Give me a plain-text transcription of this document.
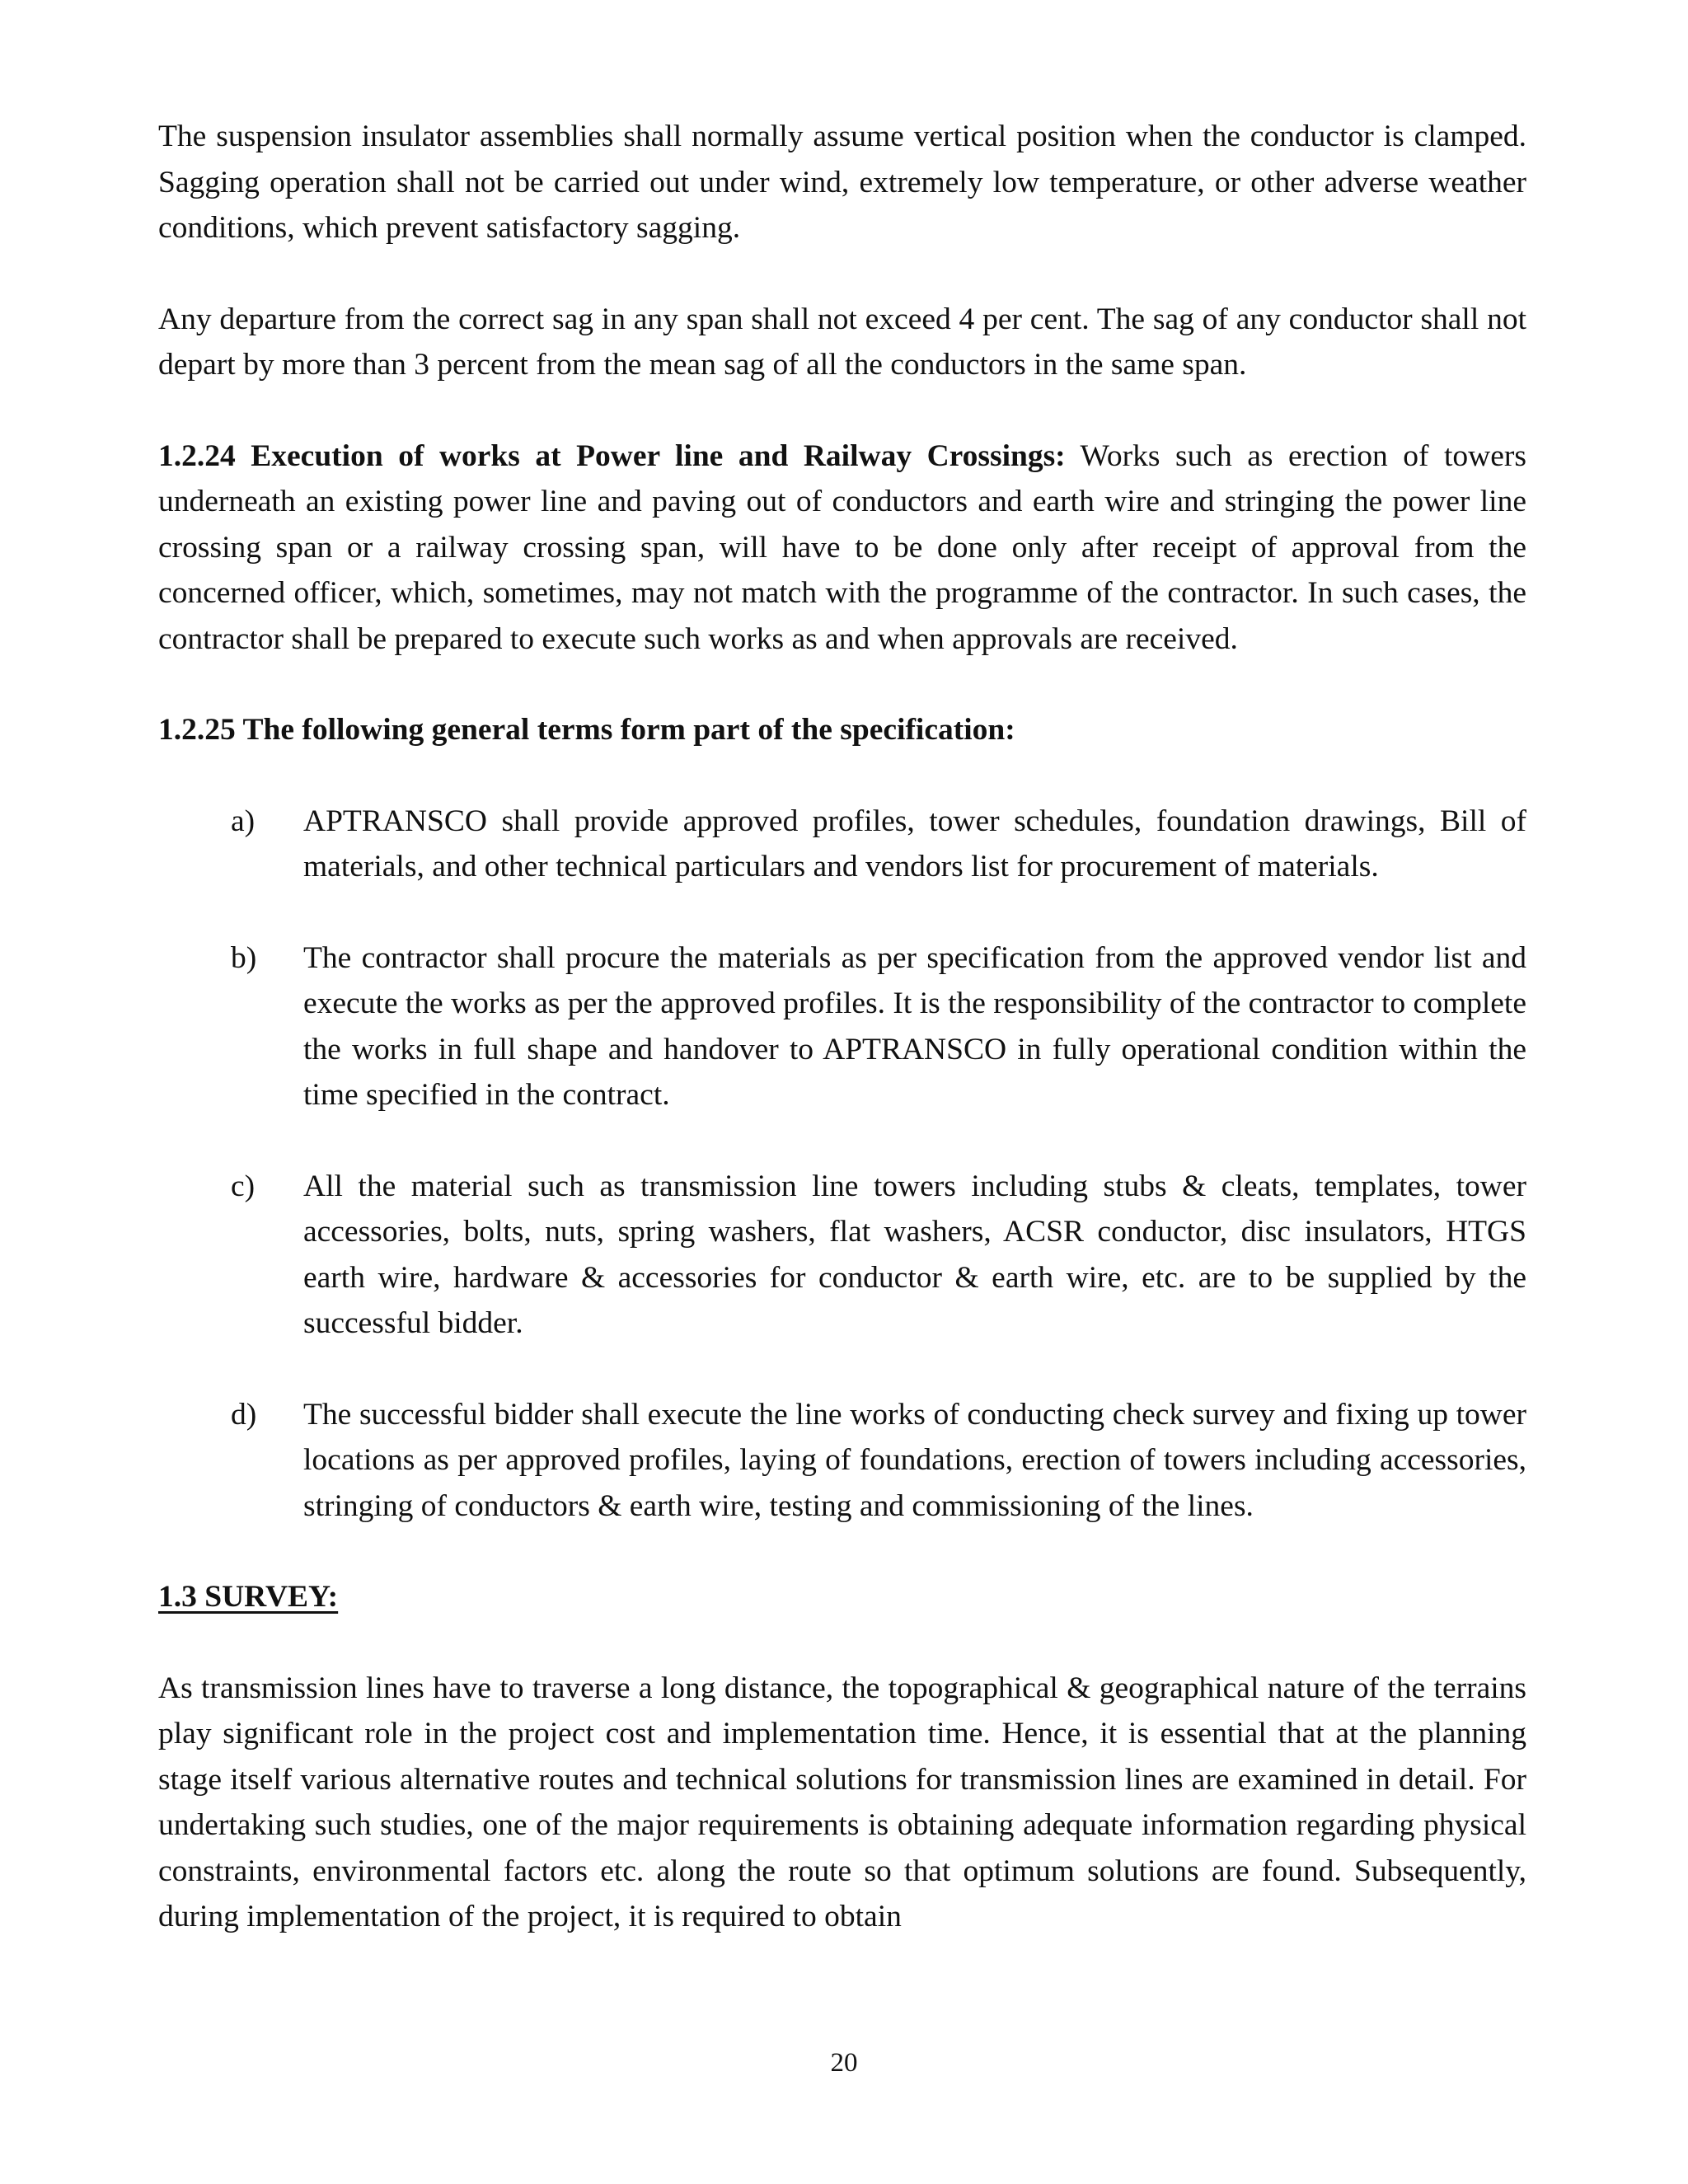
The suspension insulator assemblies shall normally assume vertical position when the conductor is clamped. Sagging operation shall not be carried out under wind, extremely low temperature, or other adverse weather conditions, which prevent satisfactory sagging.

Any departure from the correct sag in any span shall not exceed 4 per cent. The sag of any conductor shall not depart by more than 3 percent from the mean sag of all the conductors in the same span.

1.2.24 Execution of works at Power line and Railway Crossings: Works such as erection of towers underneath an existing power line and paving out of conductors and earth wire and stringing the power line crossing span or a railway crossing span, will have to be done only after receipt of approval from the concerned officer, which, sometimes, may not match with the programme of the contractor. In such cases, the contractor shall be prepared to execute such works as and when approvals are received.

1.2.25 The following general terms form part of the specification:

a)	APTRANSCO shall provide approved profiles, tower schedules, foundation drawings, Bill of materials, and other technical particulars and vendors list for procurement of materials.
b)	The contractor shall procure the materials as per specification from the approved vendor list and execute the works as per the approved profiles. It is the responsibility of the contractor to complete the works in full shape and handover to APTRANSCO in fully operational condition within the time specified in the contract.
c)	All the material such as transmission line towers including stubs & cleats, templates, tower accessories, bolts, nuts, spring washers, flat washers, ACSR conductor, disc insulators, HTGS earth wire, hardware & accessories for conductor & earth wire, etc. are to be supplied by the successful bidder.
d)	The successful bidder shall execute the line works of conducting check survey and fixing up tower locations as per approved profiles, laying of foundations, erection of towers including accessories, stringing of conductors & earth wire, testing and commissioning of the lines.

1.3 SURVEY:

As transmission lines have to traverse a long distance, the topographical & geographical nature of the terrains play significant role in the project cost and implementation time. Hence, it is essential that at the planning stage itself various alternative routes and technical solutions for transmission lines are examined in detail. For undertaking such studies, one of the major requirements is obtaining adequate information regarding physical constraints, environmental factors etc. along the route so that optimum solutions are found. Subsequently, during implementation of the project, it is required to obtain

20
